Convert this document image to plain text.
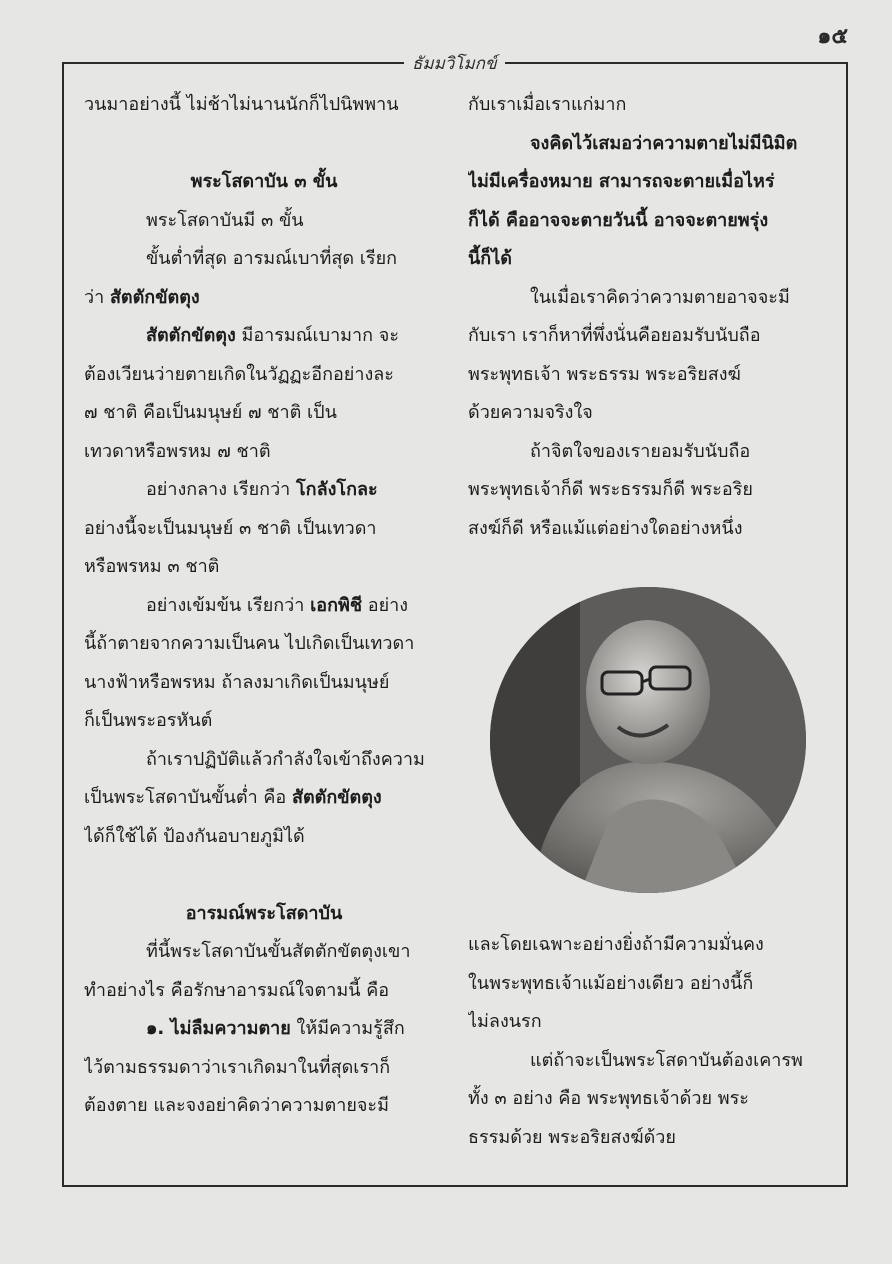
๑๕
ธัมมวิโมกข์
วนมาอย่างนี้ ไม่ช้าไม่นานนักก็ไปนิพพาน
พระโสดาบัน ๓ ขั้น
พระโสดาบันมี ๓ ขั้น
ขั้นต่ำที่สุด อารมณ์เบาที่สุด เรียก
ว่า สัตตักขัตตุง
สัตตักขัตตุง มีอารมณ์เบามาก จะ
ต้องเวียนว่ายตายเกิดในวัฏฏะอีกอย่างละ
๗ ชาติ คือเป็นมนุษย์ ๗ ชาติ เป็น
เทวดาหรือพรหม ๗ ชาติ
อย่างกลาง เรียกว่า โกลังโกละ
อย่างนี้จะเป็นมนุษย์ ๓ ชาติ เป็นเทวดา
หรือพรหม ๓ ชาติ
อย่างเข้มข้น เรียกว่า เอกพิชี อย่าง
นี้ถ้าตายจากความเป็นคน ไปเกิดเป็นเทวดา
นางฟ้าหรือพรหม ถ้าลงมาเกิดเป็นมนุษย์
ก็เป็นพระอรหันต์
ถ้าเราปฏิบัติแล้วกำลังใจเข้าถึงความ
เป็นพระโสดาบันขั้นต่ำ คือ สัตตักขัตตุง
ได้ก็ใช้ได้ ป้องกันอบายภูมิได้
อารมณ์พระโสดาบัน
ที่นี้พระโสดาบันขั้นสัตตักขัตตุงเขา
ทำอย่างไร คือรักษาอารมณ์ใจตามนี้ คือ
๑. ไม่ลืมความตาย ให้มีความรู้สึก
ไว้ตามธรรมดาว่าเราเกิดมาในที่สุดเราก็
ต้องตาย และจงอย่าคิดว่าความตายจะมี
กับเราเมื่อเราแก่มาก
จงคิดไว้เสมอว่าความตายไม่มีนิมิต
ไม่มีเครื่องหมาย สามารถจะตายเมื่อไหร่
ก็ได้ คืออาจจะตายวันนี้ อาจจะตายพรุ่ง
นี้ก็ได้
ในเมื่อเราคิดว่าความตายอาจจะมี
กับเรา เราก็หาที่พึ่งนั่นคือยอมรับนับถือ
พระพุทธเจ้า พระธรรม พระอริยสงฆ์
ด้วยความจริงใจ
ถ้าจิตใจของเรายอมรับนับถือ
พระพุทธเจ้าก็ดี พระธรรมก็ดี พระอริย
สงฆ์ก็ดี หรือแม้แต่อย่างใดอย่างหนึ่ง
และโดยเฉพาะอย่างยิ่งถ้ามีความมั่นคง
ในพระพุทธเจ้าแม้อย่างเดียว อย่างนี้ก็
ไม่ลงนรก
แต่ถ้าจะเป็นพระโสดาบันต้องเคารพ
ทั้ง ๓ อย่าง คือ พระพุทธเจ้าด้วย พระ
ธรรมด้วย พระอริยสงฆ์ด้วย
